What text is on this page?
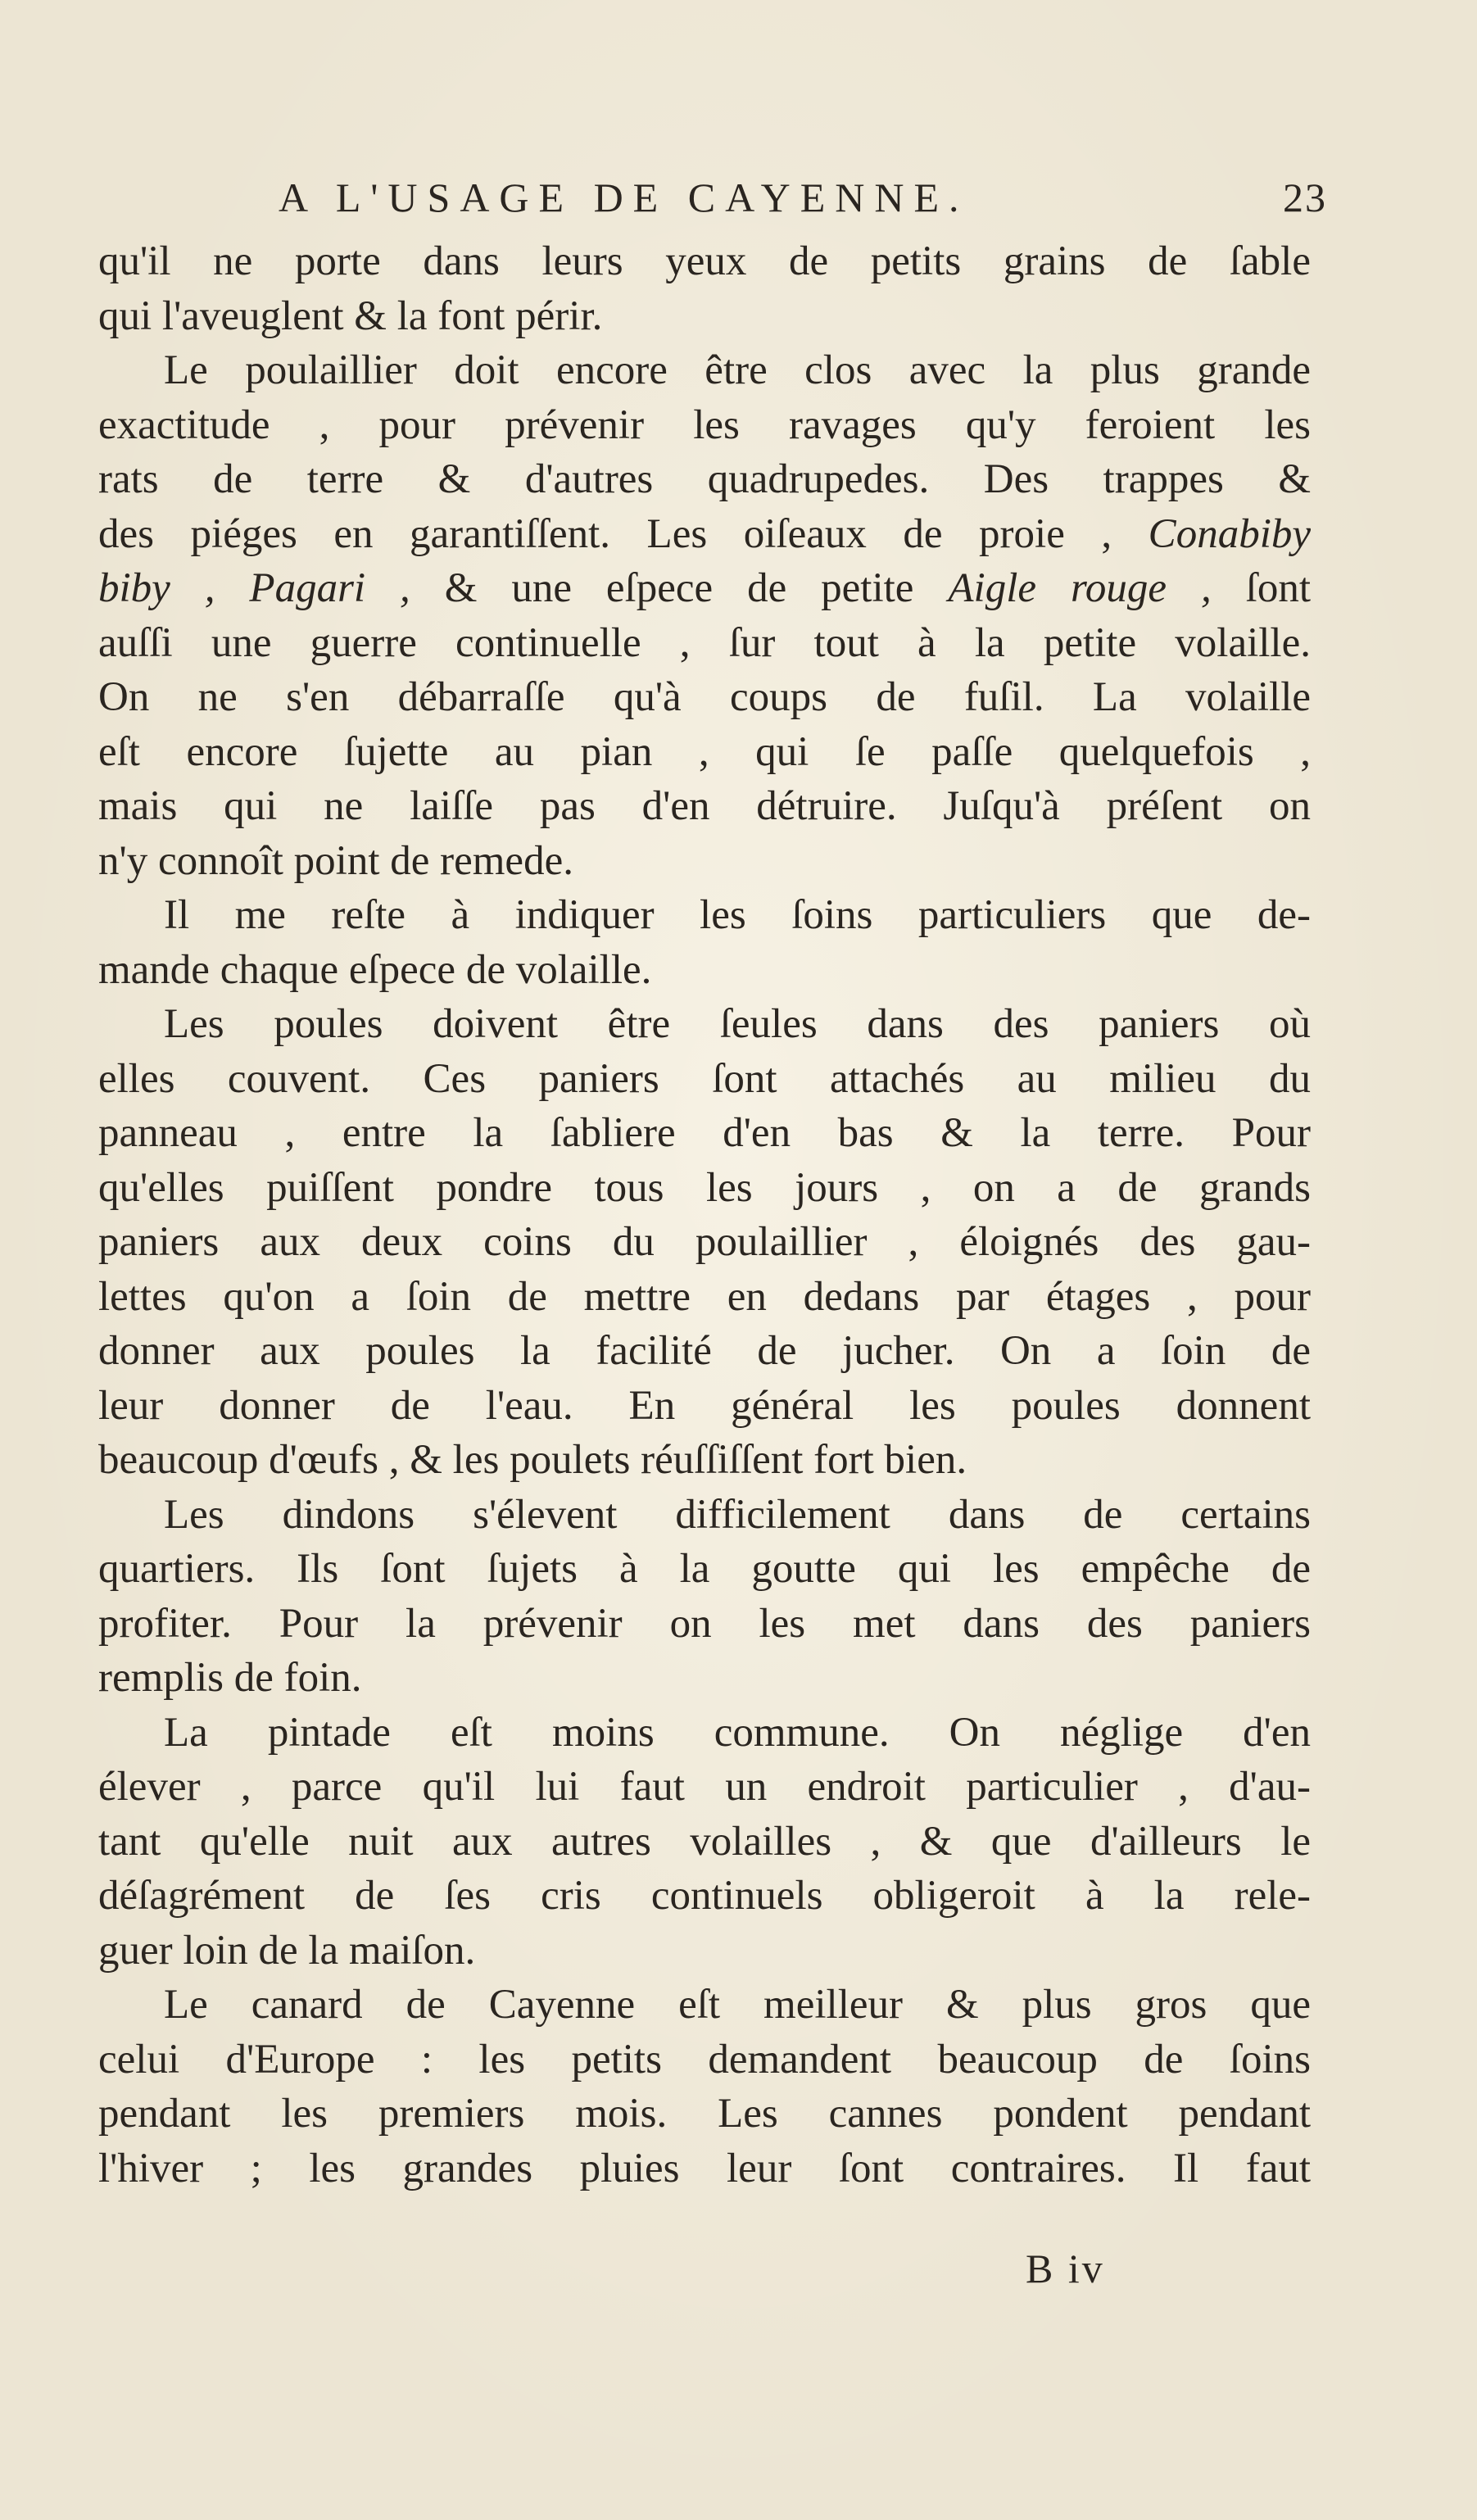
A L'USAGE DE CAYENNE.	23
qu'il ne porte dans leurs yeux de petits grains de ſable
qui l'aveuglent & la font périr.
Le poulaillier doit encore être clos avec la plus grande
exactitude , pour prévenir les ravages qu'y feroient les
rats de terre & d'autres quadrupedes. Des trappes &
des piéges en garantiſſent. Les oiſeaux de proie , Conabiby
biby , Pagari , & une eſpece de petite Aigle rouge , ſont
auſſi une guerre continuelle , ſur tout à la petite volaille.
On ne s'en débarraſſe qu'à coups de fuſil. La volaille
eſt encore ſujette au pian , qui ſe paſſe quelquefois ,
mais qui ne laiſſe pas d'en détruire. Juſqu'à préſent on
n'y connoît point de remede.
Il me reſte à indiquer les ſoins particuliers que de-
mande chaque eſpece de volaille.
Les poules doivent être ſeules dans des paniers où
elles couvent. Ces paniers ſont attachés au milieu du
panneau , entre la ſabliere d'en bas & la terre. Pour
qu'elles puiſſent pondre tous les jours , on a de grands
paniers aux deux coins du poulaillier , éloignés des gau-
lettes qu'on a ſoin de mettre en dedans par étages , pour
donner aux poules la facilité de jucher. On a ſoin de
leur donner de l'eau. En général les poules donnent
beaucoup d'œufs , & les poulets réuſſiſſent fort bien.
Les dindons s'élevent difficilement dans de certains
quartiers. Ils ſont ſujets à la goutte qui les empêche de
profiter. Pour la prévenir on les met dans des paniers
remplis de foin.
La pintade eſt moins commune. On néglige d'en
élever , parce qu'il lui faut un endroit particulier , d'au-
tant qu'elle nuit aux autres volailles , & que d'ailleurs le
déſagrément de ſes cris continuels obligeroit à la rele-
guer loin de la maiſon.
Le canard de Cayenne eſt meilleur & plus gros que
celui d'Europe : les petits demandent beaucoup de ſoins
pendant les premiers mois. Les cannes pondent pendant
l'hiver ; les grandes pluies leur ſont contraires. Il faut
B iv
